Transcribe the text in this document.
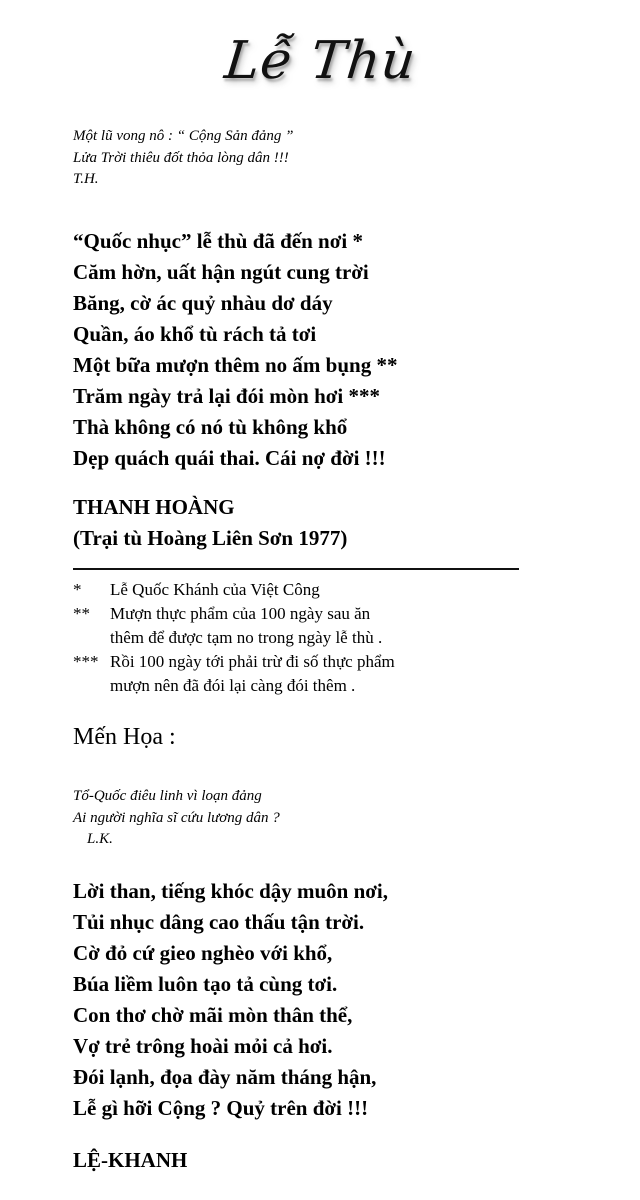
Lễ Thù
Một lũ vong nô : “ Cộng Sản đảng ”
Lửa Trời thiêu đốt thỏa lòng dân !!!
T.H.
“Quốc nhục” lễ thù đã đến nơi *
Căm hờn, uất hận ngút cung trời
Băng, cờ ác quỷ nhàu dơ dáy
Quần, áo khổ tù rách tả tơi
Một bữa mượn thêm no ấm bụng **
Trăm ngày trả lại đói mòn hơi ***
Thà không có nó tù không khổ
Dẹp quách quái thai. Cái nợ đời !!!
THANH HOÀNG
(Trại tù Hoàng Liên Sơn 1977)
*	Lễ Quốc Khánh của Việt Công
**	Mượn thực phẩm của 100 ngày sau ăn
thêm để được tạm no trong ngày lễ thù .
*** Rồi 100 ngày tới phải trừ đi số thực phẩm
mượn nên đã đói lại càng đói thêm .
Mến Họa :
Tổ-Quốc điêu linh vì loạn đảng
Ai người nghĩa sĩ cứu lương dân ?
L.K.
Lời than, tiếng khóc dậy muôn nơi,
Tủi nhục dâng cao thấu tận trời.
Cờ đỏ cứ gieo nghèo với khổ,
Búa liềm luôn tạo tả cùng tơi.
Con thơ chờ mãi mòn thân thể,
Vợ trẻ trông hoài mỏi cả hơi.
Đói lạnh, đọa đày năm tháng hận,
Lễ gì hỡi Cộng ? Quỷ trên đời !!!
LỆ-KHANH
